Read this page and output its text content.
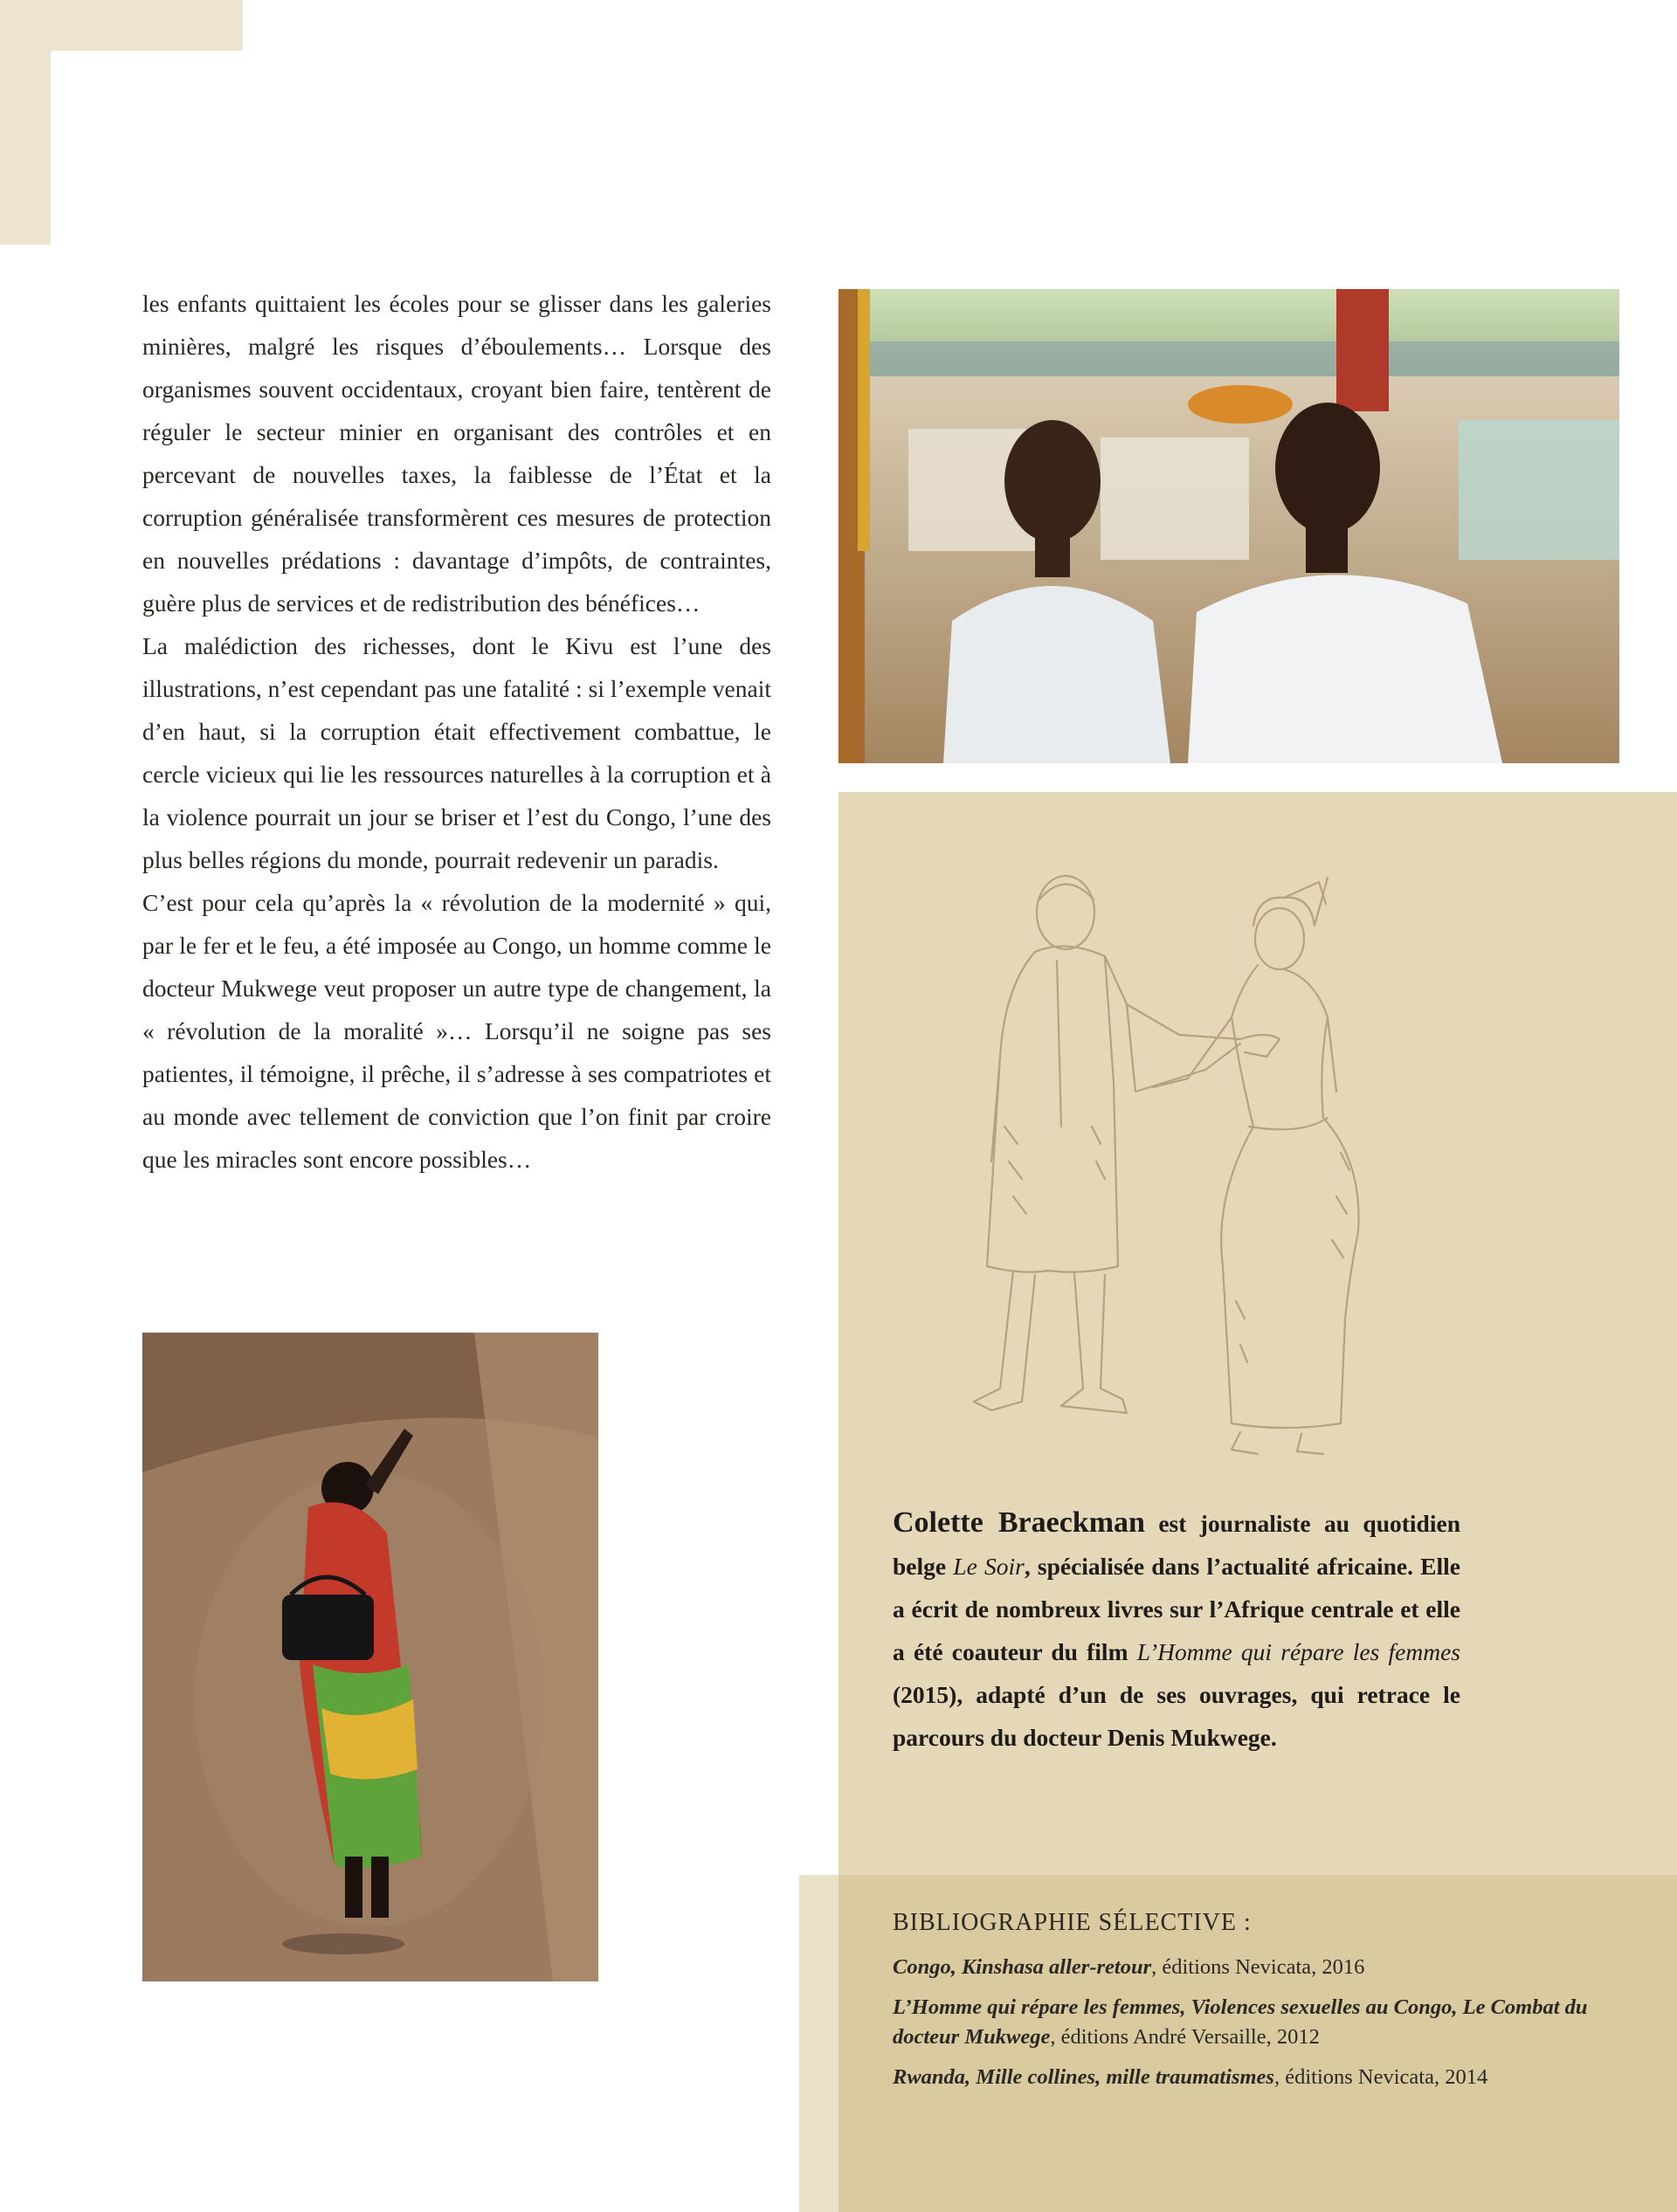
les enfants quittaient les écoles pour se glisser dans les galeries minières, malgré les risques d’éboulements… Lorsque des organismes souvent occidentaux, croyant bien faire, tentèrent de réguler le secteur minier en organisant des contrôles et en percevant de nouvelles taxes, la faiblesse de l’État et la corruption généralisée transformèrent ces mesures de protection en nouvelles prédations : davantage d’impôts, de contraintes, guère plus de services et de redistribution des bénéfices…

La malédiction des richesses, dont le Kivu est l’une des illustrations, n’est cependant pas une fatalité : si l’exemple venait d’en haut, si la corruption était effectivement combattue, le cercle vicieux qui lie les ressources naturelles à la corruption et à la violence pourrait un jour se briser et l’est du Congo, l’une des plus belles régions du monde, pourrait redevenir un paradis.

C’est pour cela qu’après la « révolution de la modernité » qui, par le fer et le feu, a été imposée au Congo, un homme comme le docteur Mukwege veut proposer un autre type de changement, la « révolution de la moralité »… Lorsqu’il ne soigne pas ses patientes, il témoigne, il prêche, il s’adresse à ses compatriotes et au monde avec tellement de conviction que l’on finit par croire que les miracles sont encore possibles…

Colette Braeckman est journaliste au quotidien belge Le Soir, spécialisée dans l’actualité africaine. Elle a écrit de nombreux livres sur l’Afrique centrale et elle a été coauteur du film L’Homme qui répare les femmes (2015), adapté d’un de ses ouvrages, qui retrace le parcours du docteur Denis Mukwege.

BIBLIOGRAPHIE SÉLECTIVE :

Congo, Kinshasa aller-retour, éditions Nevicata, 2016

L’Homme qui répare les femmes, Violences sexuelles au Congo, Le Combat du docteur Mukwege, éditions André Versaille, 2012

Rwanda, Mille collines, mille traumatismes, éditions Nevicata, 2014
